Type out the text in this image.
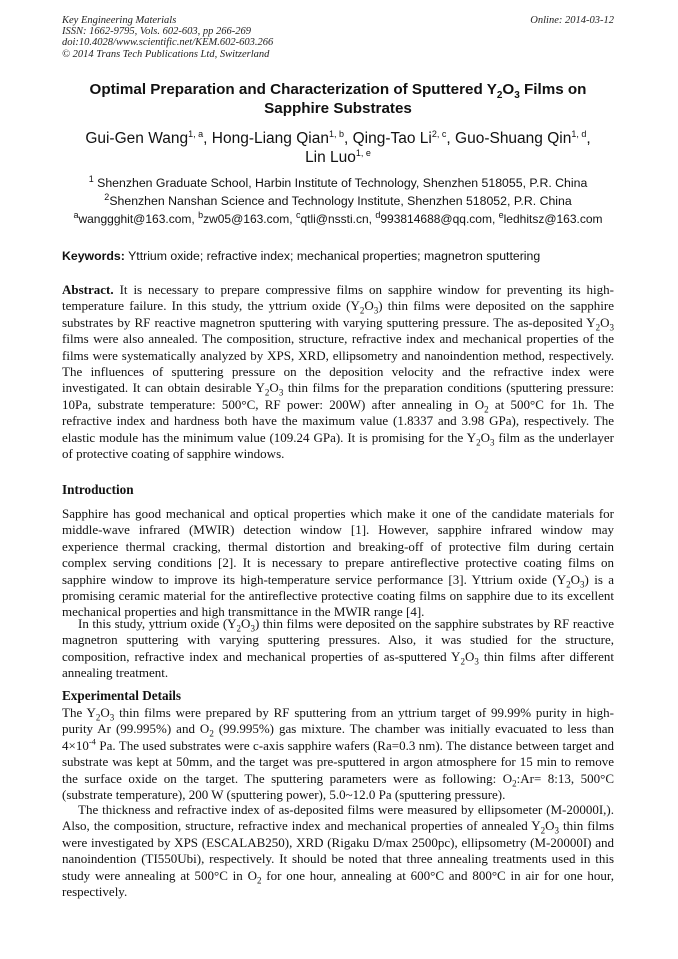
Key Engineering Materials
ISSN: 1662-9795, Vols. 602-603, pp 266-269
doi:10.4028/www.scientific.net/KEM.602-603.266
© 2014 Trans Tech Publications Ltd, Switzerland
Online: 2014-03-12
Optimal Preparation and Characterization of Sputtered $Y_2O_3$ Films on Sapphire Substrates
Gui-Gen Wang$^{1, a}$, Hong-Liang Qian$^{1, b}$, Qing-Tao Li$^{2, c}$, Guo-Shuang Qin$^{1, d}$,
Lin Luo$^{1, e}$
$^1$ Shenzhen Graduate School, Harbin Institute of Technology, Shenzhen 518055, P.R. China
$^2$Shenzhen Nanshan Science and Technology Institute, Shenzhen 518052, P.R. China
$^a$wanggghit@163.com, $^b$zw05@163.com, $^c$qtli@nssti.cn, $^d$993814688@qq.com, $^e$ledhitsz@163.com
Keywords: Yttrium oxide; refractive index; mechanical properties; magnetron sputtering
Abstract. It is necessary to prepare compressive films on sapphire window for preventing its high-temperature failure. In this study, the yttrium oxide $(Y_2O_3)$ thin films were deposited on the sapphire substrates by RF reactive magnetron sputtering with varying sputtering pressure. The as-deposited $Y_2O_3$ films were also annealed. The composition, structure, refractive index and mechanical properties of the films were systematically analyzed by XPS, XRD, ellipsometry and nanoindention method, respectively. The influences of sputtering pressure on the deposition velocity and the refractive index were investigated. It can obtain desirable $Y_2O_3$ thin films for the preparation conditions (sputtering pressure: 10Pa, substrate temperature: 500°C, RF power: 200W) after annealing in $O_2$ at 500°C for 1h. The refractive index and hardness both have the maximum value (1.8337 and 3.98 GPa), respectively. The elastic module has the minimum value (109.24 GPa). It is promising for the $Y_2O_3$ film as the underlayer of protective coating of sapphire windows.
Introduction
Sapphire has good mechanical and optical properties which make it one of the candidate materials for middle-wave infrared (MWIR) detection window [1]. However, sapphire infrared window may experience thermal cracking, thermal distortion and breaking-off of protective film during certain complex serving conditions [2]. It is necessary to prepare antireflective protective coating films on sapphire window to improve its high-temperature service performance [3]. Yttrium oxide $(Y_2O_3)$ is a promising ceramic material for the antireflective protective coating films on sapphire due to its excellent mechanical properties and high transmittance in the MWIR range [4].
In this study, yttrium oxide $(Y_2O_3)$ thin films were deposited on the sapphire substrates by RF reactive magnetron sputtering with varying sputtering pressures. Also, it was studied for the structure, composition, refractive index and mechanical properties of as-sputtered $Y_2O_3$ thin films after different annealing treatment.
Experimental Details
The $Y_2O_3$ thin films were prepared by RF sputtering from an yttrium target of 99.99% purity in high-purity Ar (99.995%) and $O_2$ (99.995%) gas mixture. The chamber was initially evacuated to less than $4\times 10^{-4}$ Pa. The used substrates were c-axis sapphire wafers (Ra=0.3 nm). The distance between target and substrate was kept at 50mm, and the target was pre-sputtered in argon atmosphere for 15 min to remove the surface oxide on the target. The sputtering parameters were as following: $O_2:Ar=$ 8:13, 500°C (substrate temperature), 200 W (sputtering power), 5.0~12.0 Pa (sputtering pressure).
The thickness and refractive index of as-deposited films were measured by ellipsometer (M-20000I,). Also, the composition, structure, refractive index and mechanical properties of annealed $Y_2O_3$ thin films were investigated by XPS (ESCALAB250), XRD (Rigaku D/max 2500pc), ellipsometry (M-20000I) and nanoindention (TI550Ubi), respectively. It should be noted that three annealing treatments used in this study were annealing at 500°C in $O_2$ for one hour, annealing at 600°C and 800°C in air for one hour, respectively.
